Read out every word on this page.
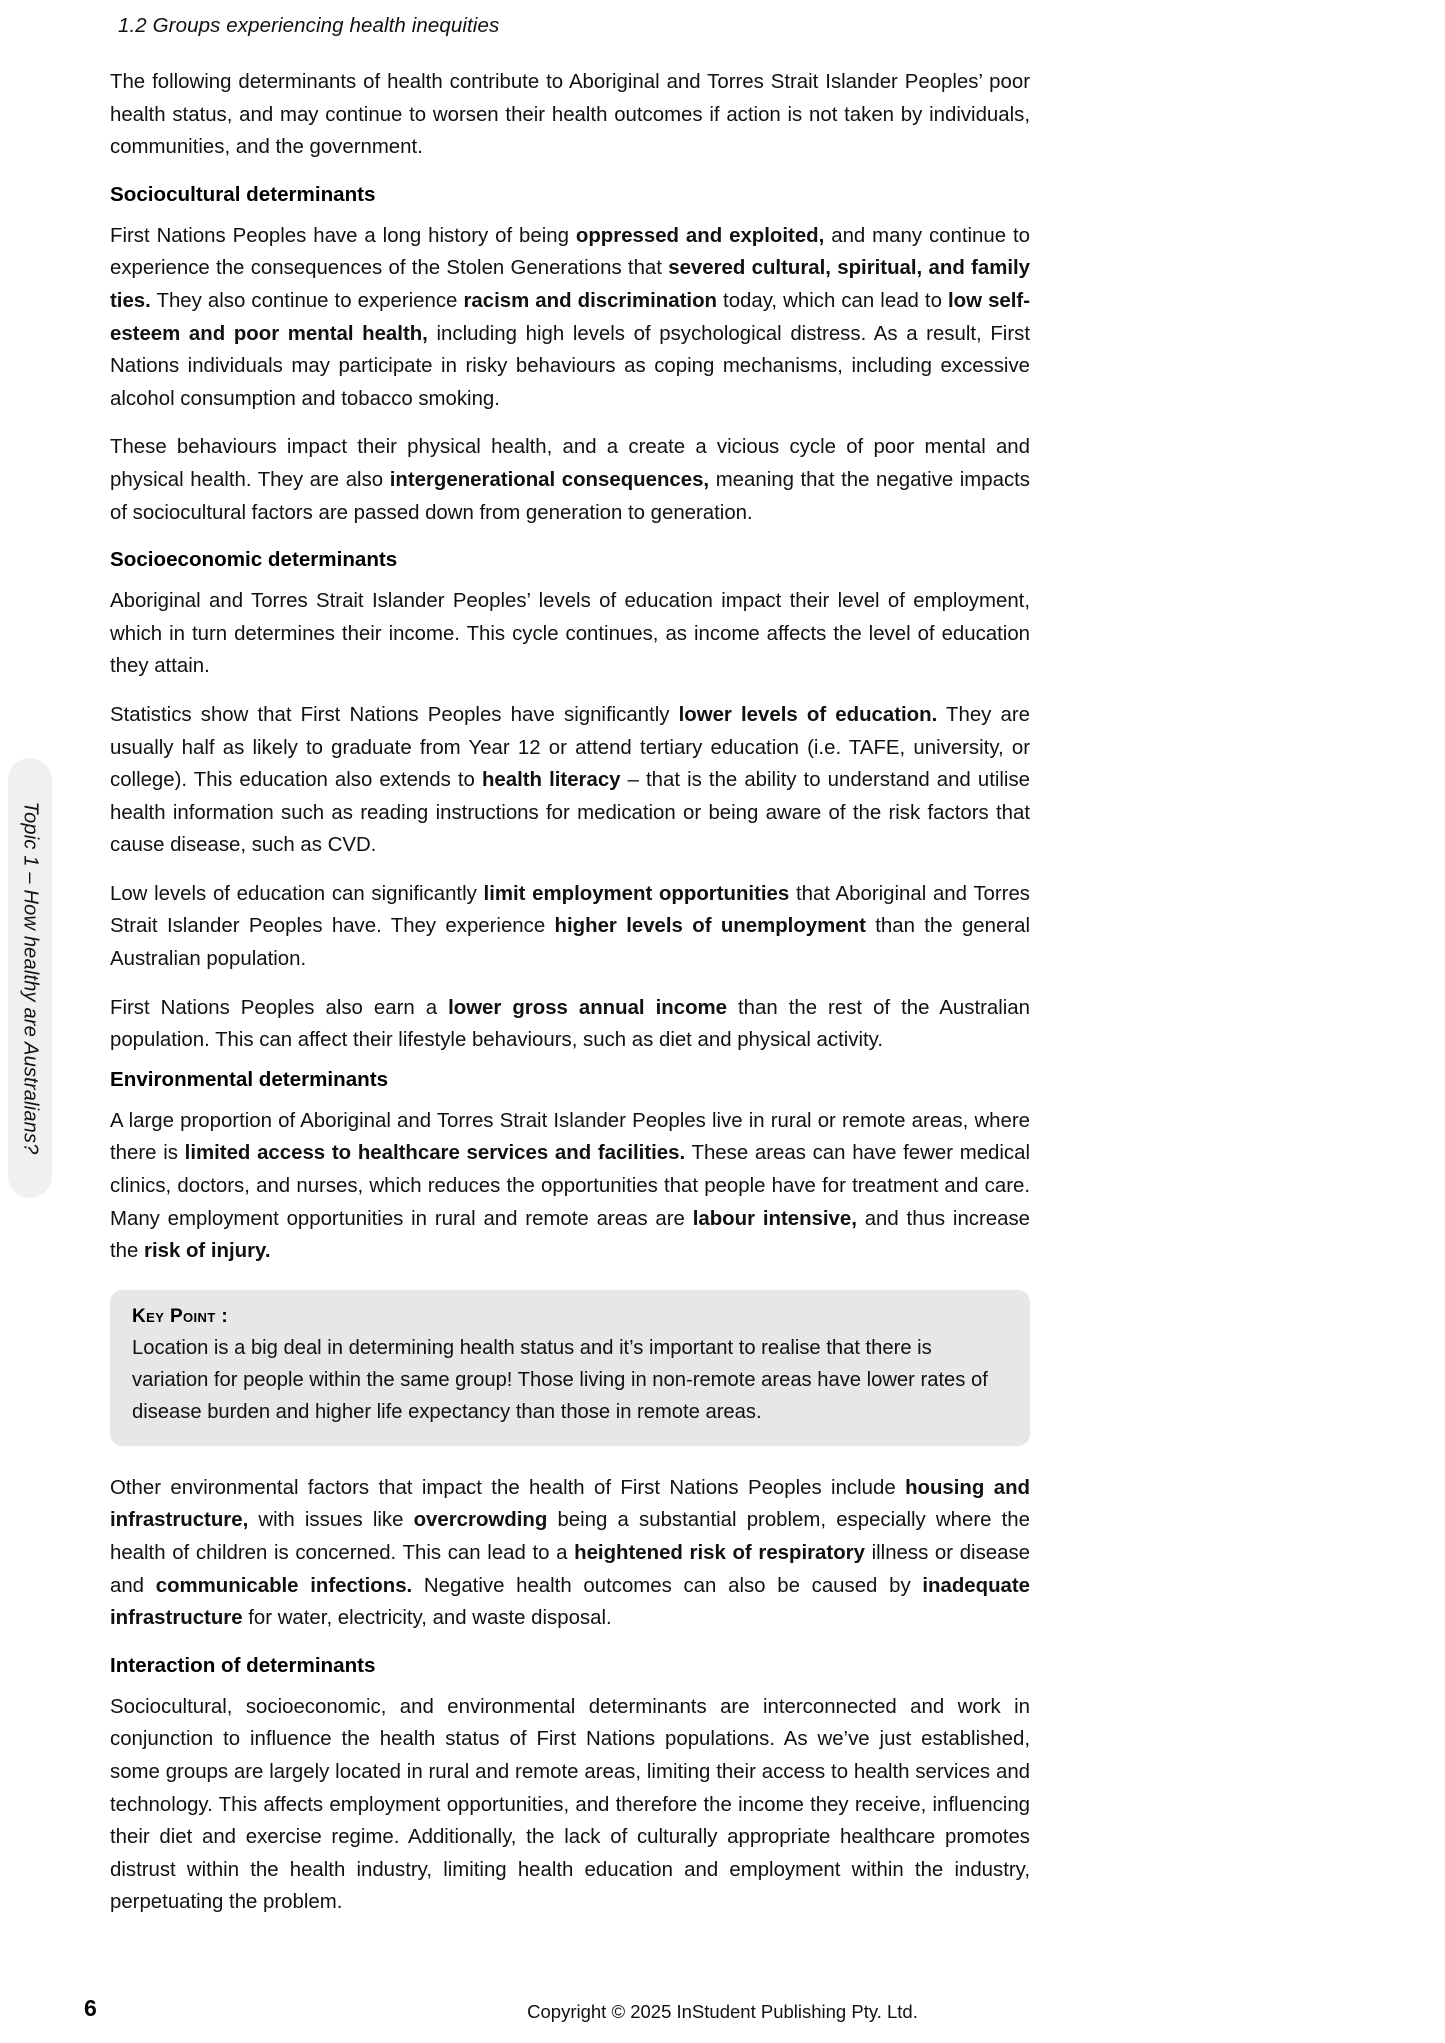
1.2 Groups experiencing health inequities
Topic 1 – How healthy are Australians?

The following determinants of health contribute to Aboriginal and Torres Strait Islander Peoples’ poor health status, and may continue to worsen their health outcomes if action is not taken by individuals, communities, and the government.

Sociocultural determinants

First Nations Peoples have a long history of being oppressed and exploited, and many continue to experience the consequences of the Stolen Generations that severed cultural, spiritual, and family ties. They also continue to experience racism and discrimination today, which can lead to low self-esteem and poor mental health, including high levels of psychological distress. As a result, First Nations individuals may participate in risky behaviours as coping mechanisms, including excessive alcohol consumption and tobacco smoking.

These behaviours impact their physical health, and a create a vicious cycle of poor mental and physical health. They are also intergenerational consequences, meaning that the negative impacts of sociocultural factors are passed down from generation to generation.

Socioeconomic determinants

Aboriginal and Torres Strait Islander Peoples’ levels of education impact their level of employment, which in turn determines their income. This cycle continues, as income affects the level of education they attain.

Statistics show that First Nations Peoples have significantly lower levels of education. They are usually half as likely to graduate from Year 12 or attend tertiary education (i.e. TAFE, university, or college). This education also extends to health literacy – that is the ability to understand and utilise health information such as reading instructions for medication or being aware of the risk factors that cause disease, such as CVD.

Low levels of education can significantly limit employment opportunities that Aboriginal and Torres Strait Islander Peoples have. They experience higher levels of unemployment than the general Australian population.

First Nations Peoples also earn a lower gross annual income than the rest of the Australian population. This can affect their lifestyle behaviours, such as diet and physical activity.

Environmental determinants

A large proportion of Aboriginal and Torres Strait Islander Peoples live in rural or remote areas, where there is limited access to healthcare services and facilities. These areas can have fewer medical clinics, doctors, and nurses, which reduces the opportunities that people have for treatment and care. Many employment opportunities in rural and remote areas are labour intensive, and thus increase the risk of injury.

Key Point :

Location is a big deal in determining health status and it’s important to realise that there is variation for people within the same group! Those living in non-remote areas have lower rates of disease burden and higher life expectancy than those in remote areas.

Other environmental factors that impact the health of First Nations Peoples include housing and infrastructure, with issues like overcrowding being a substantial problem, especially where the health of children is concerned. This can lead to a heightened risk of respiratory illness or disease and communicable infections. Negative health outcomes can also be caused by inadequate infrastructure for water, electricity, and waste disposal.

Interaction of determinants

Sociocultural, socioeconomic, and environmental determinants are interconnected and work in conjunction to influence the health status of First Nations populations. As we’ve just established, some groups are largely located in rural and remote areas, limiting their access to health services and technology. This affects employment opportunities, and therefore the income they receive, influencing their diet and exercise regime. Additionally, the lack of culturally appropriate healthcare promotes distrust within the health industry, limiting health education and employment within the industry, perpetuating the problem.

6	Copyright © 2025 InStudent Publishing Pty. Ltd.
